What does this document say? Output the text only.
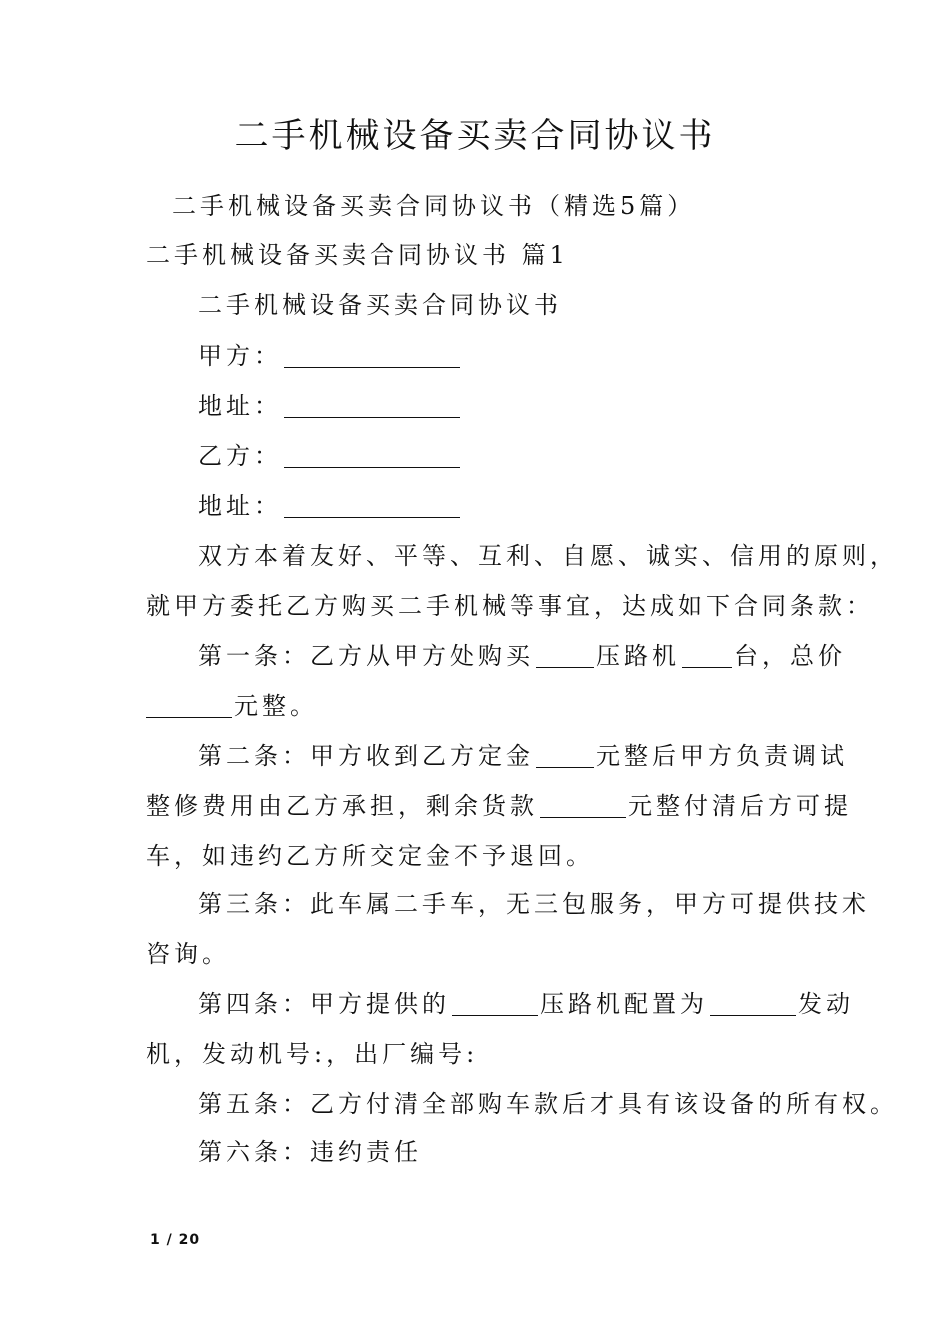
二手机械设备买卖合同协议书
二手机械设备买卖合同协议书（精选5篇）
二手机械设备买卖合同协议书 篇1
二手机械设备买卖合同协议书
甲方：
地址：
乙方：
地址：
双方本着友好、平等、互利、自愿、诚实、信用的原则，
就甲方委托乙方购买二手机械等事宜，达成如下合同条款：
第一条：乙方从甲方处购买	压路机 台，总价
元整。
第二条：甲方收到乙方定金	元整后甲方负责调试
整修费用由乙方承担，剩余货款	元整付清后方可提
车，如违约乙方所交定金不予退回。
第三条：此车属二手车，无三包服务，甲方可提供技术
咨询。
第四条：甲方提供的	压路机配置为	发动
机，发动机号:，出厂编号:
第五条：乙方付清全部购车款后才具有该设备的所有权。
第六条：违约责任
1 / 20
